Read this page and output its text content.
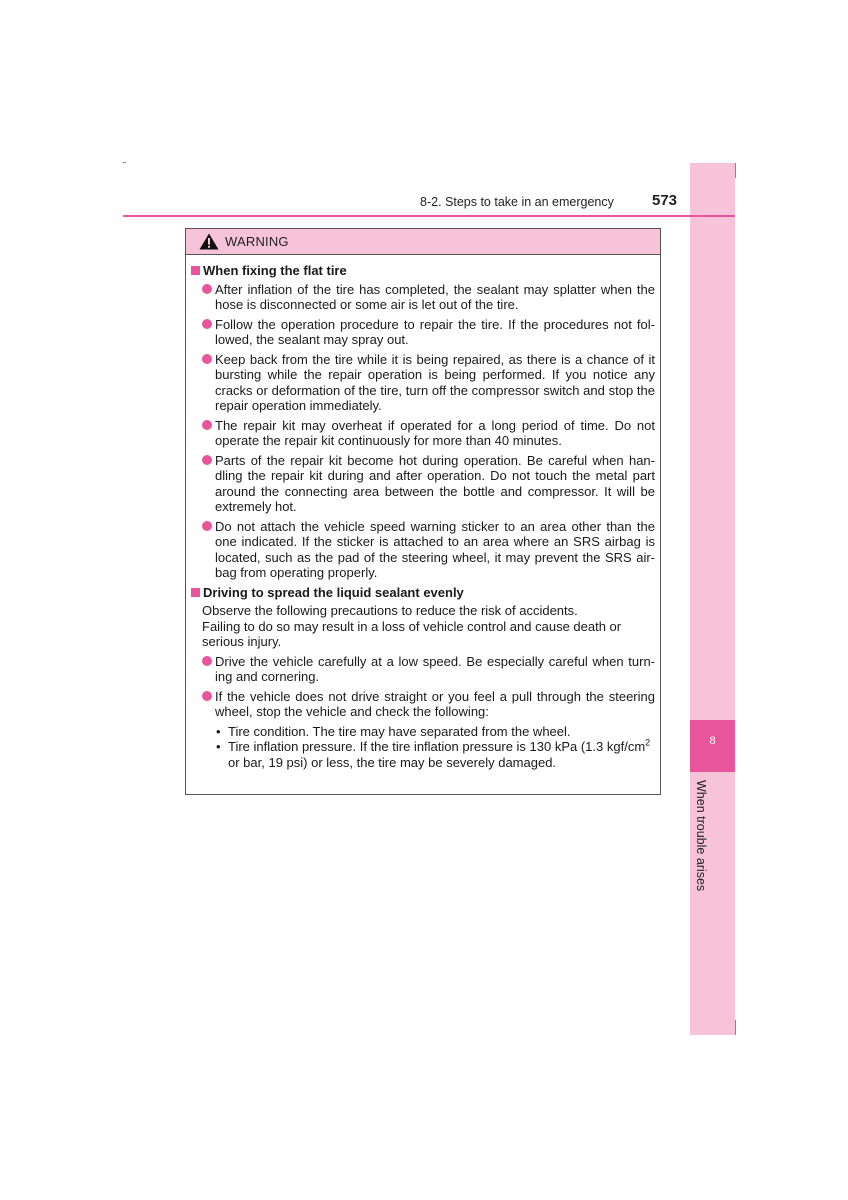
8
When trouble arises
8-2. Steps to take in an emergency	573
WARNING
When fixing the flat tire
After inflation of the tire has completed, the sealant may splatter when the hose is disconnected or some air is let out of the tire.
Follow the operation procedure to repair the tire. If the procedures not fol-lowed, the sealant may spray out.
Keep back from the tire while it is being repaired, as there is a chance of it bursting while the repair operation is being performed. If you notice any cracks or deformation of the tire, turn off the compressor switch and stop the repair operation immediately.
The repair kit may overheat if operated for a long period of time. Do not operate the repair kit continuously for more than 40 minutes.
Parts of the repair kit become hot during operation. Be careful when han-dling the repair kit during and after operation. Do not touch the metal part around the connecting area between the bottle and compressor. It will be extremely hot.
Do not attach the vehicle speed warning sticker to an area other than the one indicated. If the sticker is attached to an area where an SRS airbag is located, such as the pad of the steering wheel, it may prevent the SRS air-bag from operating properly.
Driving to spread the liquid sealant evenly
Observe the following precautions to reduce the risk of accidents.
Failing to do so may result in a loss of vehicle control and cause death or serious injury.
Drive the vehicle carefully at a low speed. Be especially careful when turn-ing and cornering.
If the vehicle does not drive straight or you feel a pull through the steering wheel, stop the vehicle and check the following:
• Tire condition. The tire may have separated from the wheel.
• Tire inflation pressure. If the tire inflation pressure is 130 kPa (1.3 kgf/$cm^2$ or bar, 19 psi) or less, the tire may be severely damaged.
